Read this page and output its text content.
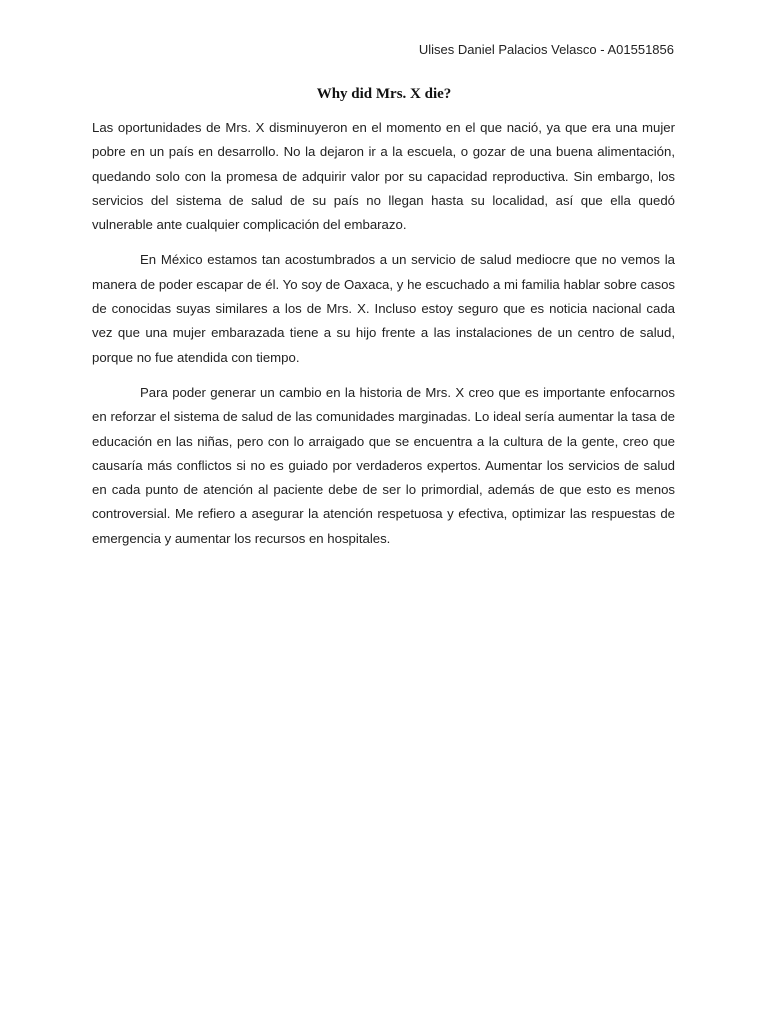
Ulises Daniel Palacios Velasco - A01551856
Why did Mrs. X die?

Las oportunidades de Mrs. X disminuyeron en el momento en el que nació, ya que era una mujer pobre en un país en desarrollo. No la dejaron ir a la escuela, o gozar de una buena alimentación, quedando solo con la promesa de adquirir valor por su capacidad reproductiva. Sin embargo, los servicios del sistema de salud de su país no llegan hasta su localidad, así que ella quedó vulnerable ante cualquier complicación del embarazo.

En México estamos tan acostumbrados a un servicio de salud mediocre que no vemos la manera de poder escapar de él. Yo soy de Oaxaca, y he escuchado a mi familia hablar sobre casos de conocidas suyas similares a los de Mrs. X. Incluso estoy seguro que es noticia nacional cada vez que una mujer embarazada tiene a su hijo frente a las instalaciones de un centro de salud, porque no fue atendida con tiempo.

Para poder generar un cambio en la historia de Mrs. X creo que es importante enfocarnos en reforzar el sistema de salud de las comunidades marginadas. Lo ideal sería aumentar la tasa de educación en las niñas, pero con lo arraigado que se encuentra a la cultura de la gente, creo que causaría más conflictos si no es guiado por verdaderos expertos. Aumentar los servicios de salud en cada punto de atención al paciente debe de ser lo primordial, además de que esto es menos controversial. Me refiero a asegurar la atención respetuosa y efectiva, optimizar las respuestas de emergencia y aumentar los recursos en hospitales.
